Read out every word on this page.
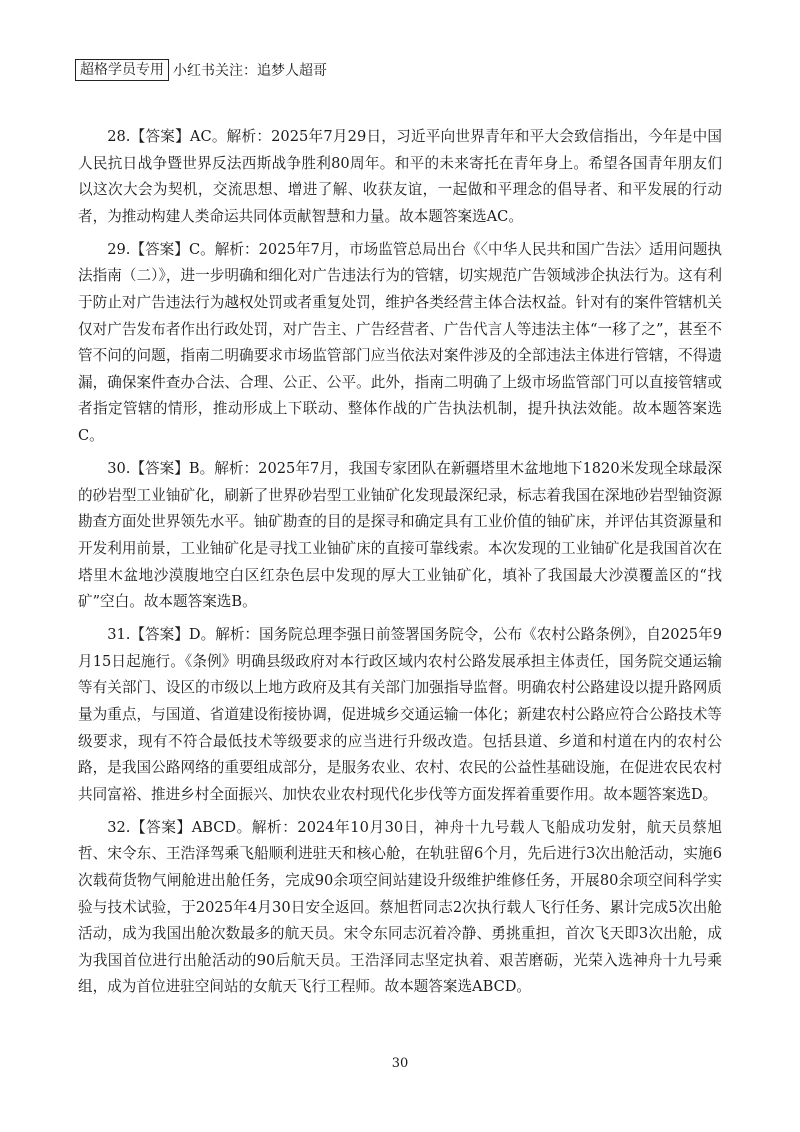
超格学员专用 小红书关注：追梦人超哥

28.【答案】AC。解析：2025年7月29日，习近平向世界青年和平大会致信指出，今年是中国人民抗日战争暨世界反法西斯战争胜利80周年。和平的未来寄托在青年身上。希望各国青年朋友们以这次大会为契机，交流思想、增进了解、收获友谊，一起做和平理念的倡导者、和平发展的行动者，为推动构建人类命运共同体贡献智慧和力量。故本题答案选AC。

29.【答案】C。解析：2025年7月，市场监管总局出台《〈中华人民共和国广告法〉适用问题执法指南（二）》，进一步明确和细化对广告违法行为的管辖，切实规范广告领域涉企执法行为。这有利于防止对广告违法行为越权处罚或者重复处罚，维护各类经营主体合法权益。针对有的案件管辖机关仅对广告发布者作出行政处罚，对广告主、广告经营者、广告代言人等违法主体“一移了之”，甚至不管不问的问题，指南二明确要求市场监管部门应当依法对案件涉及的全部违法主体进行管辖，不得遗漏，确保案件查办合法、合理、公正、公平。此外，指南二明确了上级市场监管部门可以直接管辖或者指定管辖的情形，推动形成上下联动、整体作战的广告执法机制，提升执法效能。故本题答案选C。

30.【答案】B。解析：2025年7月，我国专家团队在新疆塔里木盆地地下1820米发现全球最深的砂岩型工业铀矿化，刷新了世界砂岩型工业铀矿化发现最深纪录，标志着我国在深地砂岩型铀资源勘查方面处世界领先水平。铀矿勘查的目的是探寻和确定具有工业价值的铀矿床，并评估其资源量和开发利用前景，工业铀矿化是寻找工业铀矿床的直接可靠线索。本次发现的工业铀矿化是我国首次在塔里木盆地沙漠腹地空白区红杂色层中发现的厚大工业铀矿化，填补了我国最大沙漠覆盖区的“找矿”空白。故本题答案选B。

31.【答案】D。解析：国务院总理李强日前签署国务院令，公布《农村公路条例》，自2025年9月15日起施行。《条例》明确县级政府对本行政区域内农村公路发展承担主体责任，国务院交通运输等有关部门、设区的市级以上地方政府及其有关部门加强指导监督。明确农村公路建设以提升路网质量为重点，与国道、省道建设衔接协调，促进城乡交通运输一体化；新建农村公路应符合公路技术等级要求，现有不符合最低技术等级要求的应当进行升级改造。包括县道、乡道和村道在内的农村公路，是我国公路网络的重要组成部分，是服务农业、农村、农民的公益性基础设施，在促进农民农村共同富裕、推进乡村全面振兴、加快农业农村现代化步伐等方面发挥着重要作用。故本题答案选D。

32.【答案】ABCD。解析：2024年10月30日，神舟十九号载人飞船成功发射，航天员蔡旭哲、宋令东、王浩泽驾乘飞船顺利进驻天和核心舱，在轨驻留6个月，先后进行3次出舱活动，实施6次载荷货物气闸舱进出舱任务，完成90余项空间站建设升级维护维修任务，开展80余项空间科学实验与技术试验，于2025年4月30日安全返回。蔡旭哲同志2次执行载人飞行任务、累计完成5次出舱活动，成为我国出舱次数最多的航天员。宋令东同志沉着冷静、勇挑重担，首次飞天即3次出舱，成为我国首位进行出舱活动的90后航天员。王浩泽同志坚定执着、艰苦磨砺，光荣入选神舟十九号乘组，成为首位进驻空间站的女航天飞行工程师。故本题答案选ABCD。

30
